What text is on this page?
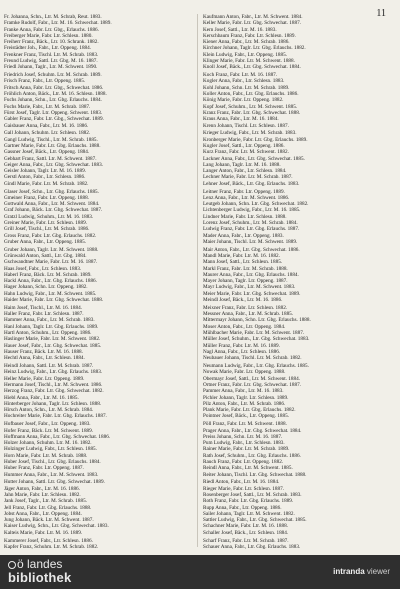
11
Fr. Johanna, Schn., Ltr. M. Schrab, Reut. 1883.
Framke Rudolf, Fabr., Ltr. M. 16. Schwechat. 1889.
Franke Anna, Fabr. Ltr. Gbg., Erlauchs. 1886.
Freiberger Marie, Fabr. Ltr. Schlesn. 1880.
Freiherr Franz, Bäck., Ltr. 10. Schrank. 1882.
Freistädter Joh., Fabr., Ltr. Oppeng. 1884.
Frenkner Franz, Tischl. Ltr. M. Schrab. 1883.
Freund Ludwig, Sattl. Ltr. Gbg. M. 16. 1887.
Friedl Johann, Taglr., Ltr. M. Schwent. 1890.
Friedrich Josef, Schuhm. Ltr. M. Schrab. 1889.
Frisch Franz, Fabr., Ltr. Oppeng. 1885.
Fritsch Anna, Fabr. Ltr. Gbg., Schwechat. 1886.
Fröhlich Anton, Bäck., Ltr. M. 16. Schlesn. 1888.
Fuchs Johann, Schn., Ltr. Gbg. Erlauchs. 1884.
Fuchs Marie, Fabr., Ltr. M. Schrab. 1887.
Fürst Josef, Taglr. Ltr. Oppeng. Schwent. 1883.
Gabler Franz, Fabr. Ltr. Gbg., Schwechat. 1889.
Gaisbauer Anna, Fabr., Ltr. M. 16. 1886.
Gall Johann, Schuhm. Ltr. Schlesn. 1882.
Gangl Ludwig, Tischl., Ltr. M. Schrab. 1885.
Gartner Marie, Fabr. Ltr. Gbg. Erlauchs. 1888.
Gassner Josef, Bäck., Ltr. Oppeng. 1884.
Gebhart Franz, Sattl. Ltr. M. Schwent. 1887.
Geiger Anna, Fabr., Ltr. Gbg. Schwechat. 1883.
Geisler Johann, Taglr. Ltr. M. 16. 1889.
Gerstl Anton, Fabr., Ltr. Schlesn. 1886.
Gindl Marie, Fabr. Ltr. M. Schrab. 1882.
Glaser Josef, Schn., Ltr. Gbg. Erlauchs. 1885.
Gmeiner Franz, Fabr. Ltr. Oppeng. 1888.
Gottwald Anna, Fabr., Ltr. M. Schwent. 1884.
Graf Johann, Bäck. Ltr. Gbg. Schwechat. 1887.
Gratzl Ludwig, Schuhm., Ltr. M. 16. 1883.
Greiner Marie, Fabr. Ltr. Schlesn. 1889.
Grill Josef, Tischl., Ltr. M. Schrab. 1886.
Gross Franz, Fabr. Ltr. Gbg. Erlauchs. 1882.
Gruber Anna, Fabr., Ltr. Oppeng. 1885.
Gruber Johann, Taglr. Ltr. M. Schwent. 1888.
Grünwald Anton, Sattl., Ltr. Gbg. 1884.
Gschwandtner Marie, Fabr. Ltr. M. 16. 1887.
Haas Josef, Fabr., Ltr. Schlesn. 1883.
Haberl Franz, Bäck. Ltr. M. Schrab. 1889.
Hackl Anna, Fabr., Ltr. Gbg. Erlauchs. 1886.
Hager Johann, Schn. Ltr. Oppeng. 1882.
Hahn Ludwig, Fabr., Ltr. M. Schwent. 1885.
Haider Marie, Fabr. Ltr. Gbg. Schwechat. 1888.
Haim Josef, Tischl., Ltr. M. 16. 1884.
Haller Franz, Fabr. Ltr. Schlesn. 1887.
Hammer Anna, Fabr., Ltr. M. Schrab. 1883.
Hanl Johann, Taglr. Ltr. Gbg. Erlauchs. 1889.
Hartl Anton, Schuhm., Ltr. Oppeng. 1886.
Haslinger Marie, Fabr. Ltr. M. Schwent. 1882.
Hauer Josef, Fabr., Ltr. Gbg. Schwechat. 1885.
Hauser Franz, Bäck. Ltr. M. 16. 1888.
Hechtl Anna, Fabr., Ltr. Schlesn. 1884.
Heindl Johann, Sattl. Ltr. M. Schrab. 1887.
Heinz Ludwig, Fabr., Ltr. Gbg. Erlauchs. 1883.
Heller Marie, Fabr. Ltr. Oppeng. 1889.
Hermann Josef, Tischl., Ltr. M. Schwent. 1886.
Herzog Franz, Fabr. Ltr. Gbg. Schwechat. 1882.
Hiebl Anna, Fabr., Ltr. M. 16. 1885.
Hinterberger Johann, Taglr. Ltr. Schlesn. 1888.
Hirsch Anton, Schn., Ltr. M. Schrab. 1884.
Hochreiter Marie, Fabr. Ltr. Gbg. Erlauchs. 1887.
Hofbauer Josef, Fabr., Ltr. Oppeng. 1883.
Hofer Franz, Bäck. Ltr. M. Schwent. 1889.
Hoffmann Anna, Fabr., Ltr. Gbg. Schwechat. 1886.
Holzer Johann, Schuhm. Ltr. M. 16. 1882.
Holzinger Ludwig, Fabr., Ltr. Schlesn. 1885.
Horn Marie, Fabr. Ltr. M. Schrab. 1888.
Huber Josef, Tischl., Ltr. Gbg. Erlauchs. 1884.
Huber Franz, Fabr. Ltr. Oppeng. 1887.
Hummer Anna, Fabr., Ltr. M. Schwent. 1883.
Hutter Johann, Sattl. Ltr. Gbg. Schwechat. 1889.
Jäger Anton, Fabr., Ltr. M. 16. 1886.
Jahn Marie, Fabr. Ltr. Schlesn. 1882.
Jank Josef, Taglr., Ltr. M. Schrab. 1885.
Jell Franz, Fabr. Ltr. Gbg. Erlauchs. 1888.
Jobst Anna, Fabr., Ltr. Oppeng. 1884.
Jung Johann, Bäck. Ltr. M. Schwent. 1887.
Kaiser Ludwig, Schn., Ltr. Gbg. Schwechat. 1883.
Kalteis Marie, Fabr. Ltr. M. 16. 1889.
Kammerer Josef, Fabr., Ltr. Schlesn. 1886.
Kapfer Franz, Schuhm. Ltr. M. Schrab. 1882.
Kaufmann Anton, Fabr., Ltr. M. Schwent. 1884.
Keller Marie, Fabr. Ltr. Gbg. Schwechat. 1887.
Kern Josef, Sattl., Ltr. M. 16. 1883.
Kerschbaum Franz, Fabr. Ltr. Schlesn. 1889.
Kiener Anna, Fabr., Ltr. M. Schrab. 1886.
Kirchner Johann, Taglr. Ltr. Gbg. Erlauchs. 1882.
Klein Ludwig, Fabr., Ltr. Oppeng. 1885.
Klinger Marie, Fabr. Ltr. M. Schwent. 1888.
Knoll Josef, Bäck., Ltr. Gbg. Schwechat. 1884.
Koch Franz, Fabr. Ltr. M. 16. 1887.
Kogler Anna, Fabr., Ltr. Schlesn. 1883.
Kohl Johann, Schn. Ltr. M. Schrab. 1889.
Koller Anton, Fabr., Ltr. Gbg. Erlauchs. 1886.
König Marie, Fabr. Ltr. Oppeng. 1882.
Kopf Josef, Schuhm., Ltr. M. Schwent. 1885.
Kranz Franz, Fabr. Ltr. Gbg. Schwechat. 1888.
Kraus Anna, Fabr., Ltr. M. 16. 1884.
Krenn Johann, Tischl. Ltr. Schlesn. 1887.
Krieger Ludwig, Fabr., Ltr. M. Schrab. 1883.
Kronberger Marie, Fabr. Ltr. Gbg. Erlauchs. 1889.
Kugler Josef, Sattl., Ltr. Oppeng. 1886.
Kurz Franz, Fabr. Ltr. M. Schwent. 1882.
Lackner Anna, Fabr., Ltr. Gbg. Schwechat. 1885.
Lang Johann, Taglr. Ltr. M. 16. 1888.
Langer Anton, Fabr., Ltr. Schlesn. 1884.
Lechner Marie, Fabr. Ltr. M. Schrab. 1887.
Lehner Josef, Bäck., Ltr. Gbg. Erlauchs. 1883.
Leitner Franz, Fabr. Ltr. Oppeng. 1889.
Lenz Anna, Fabr., Ltr. M. Schwent. 1886.
Leutgeb Johann, Schn. Ltr. Gbg. Schwechat. 1882.
Lichtenberger Ludwig, Fabr., Ltr. M. 16. 1885.
Lindner Marie, Fabr. Ltr. Schlesn. 1888.
Lorenz Josef, Schuhm., Ltr. M. Schrab. 1884.
Ludwig Franz, Fabr. Ltr. Gbg. Erlauchs. 1887.
Mader Anna, Fabr., Ltr. Oppeng. 1883.
Maier Johann, Tischl. Ltr. M. Schwent. 1889.
Mair Anton, Fabr., Ltr. Gbg. Schwechat. 1886.
Mandl Marie, Fabr. Ltr. M. 16. 1882.
Mann Josef, Sattl., Ltr. Schlesn. 1885.
Markl Franz, Fabr. Ltr. M. Schrab. 1888.
Maurer Anna, Fabr., Ltr. Gbg. Erlauchs. 1884.
Mayer Johann, Taglr. Ltr. Oppeng. 1887.
Mayr Ludwig, Fabr., Ltr. M. Schwent. 1883.
Meier Marie, Fabr. Ltr. Gbg. Schwechat. 1889.
Meindl Josef, Bäck., Ltr. M. 16. 1886.
Meixner Franz, Fabr. Ltr. Schlesn. 1882.
Messner Anna, Fabr., Ltr. M. Schrab. 1885.
Mittermayr Johann, Schn. Ltr. Gbg. Erlauchs. 1888.
Moser Anton, Fabr., Ltr. Oppeng. 1884.
Mühlbacher Marie, Fabr. Ltr. M. Schwent. 1887.
Müller Josef, Schuhm., Ltr. Gbg. Schwechat. 1883.
Müller Franz, Fabr. Ltr. M. 16. 1889.
Nagl Anna, Fabr., Ltr. Schlesn. 1886.
Neubauer Johann, Tischl. Ltr. M. Schrab. 1882.
Neumann Ludwig, Fabr., Ltr. Gbg. Erlauchs. 1885.
Nowak Marie, Fabr. Ltr. Oppeng. 1888.
Obermayr Josef, Sattl., Ltr. M. Schwent. 1884.
Ortner Franz, Fabr. Ltr. Gbg. Schwechat. 1887.
Pammer Anna, Fabr., Ltr. M. 16. 1883.
Pichler Johann, Taglr. Ltr. Schlesn. 1889.
Pilz Anton, Fabr., Ltr. M. Schrab. 1886.
Plank Marie, Fabr. Ltr. Gbg. Erlauchs. 1882.
Pointner Josef, Bäck., Ltr. Oppeng. 1885.
Pöll Franz, Fabr. Ltr. M. Schwent. 1888.
Prager Anna, Fabr., Ltr. Gbg. Schwechat. 1884.
Preiss Johann, Schn. Ltr. M. 16. 1887.
Pum Ludwig, Fabr., Ltr. Schlesn. 1883.
Rainer Marie, Fabr. Ltr. M. Schrab. 1889.
Rath Josef, Schuhm., Ltr. Gbg. Erlauchs. 1886.
Rauch Franz, Fabr. Ltr. Oppeng. 1882.
Reindl Anna, Fabr., Ltr. M. Schwent. 1885.
Reiter Johann, Tischl. Ltr. Gbg. Schwechat. 1888.
Riedl Anton, Fabr., Ltr. M. 16. 1884.
Rieger Marie, Fabr. Ltr. Schlesn. 1887.
Rosenberger Josef, Sattl., Ltr. M. Schrab. 1883.
Roth Franz, Fabr. Ltr. Gbg. Erlauchs. 1889.
Rupp Anna, Fabr., Ltr. Oppeng. 1886.
Sailer Johann, Taglr. Ltr. M. Schwent. 1882.
Sattler Ludwig, Fabr., Ltr. Gbg. Schwechat. 1885.
Schachner Marie, Fabr. Ltr. M. 16. 1888.
Schaller Josef, Bäck., Ltr. Schlesn. 1884.
Scharf Franz, Fabr. Ltr. M. Schrab. 1887.
Schauer Anna, Fabr., Ltr. Gbg. Erlauchs. 1883.
ö landes
bibliothek	intranda viewer
